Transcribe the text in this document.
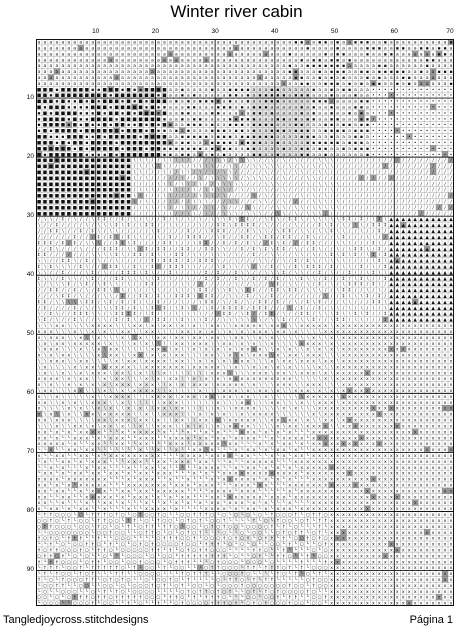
Winter river cabin
10	20	30	40	50	60	70
10
20
30
40
50
60
70
80
90
a a a a a a a a a a a a a a a a a a a a a a a a a a a a a a a a a a a a a a a a a a a ▪ ▪ a a ▪ ▪ a ▪ a a ▪ ▪ ▪ a a ▪ a a a a a a a a a a ▪
a a a a a a a a a a a a a a a a a a a a a a a a a a a a a a a a a a a a a a a a a a a a a ▪ a a a a ▪ a a a a ▪ ▪ ▪ a a ▪ ▪ a a ▪ ▪ a ▪ ▪ a
a a a a a a a a a a a a a a a a a a a a a a a a a a a a a a a a a a a a a a a a a a ▪ a a a a a ▪ a ▪ ▪ a a a ▪ a a ▪ ▪ a a a a a a a ▪ ▪ a
a a a a a a a a a a a a a a a a a a a a a a a a a a a a a a a a a a a a a a a a a a a a ▪ a ▪ ▪ a ▪ ▪ a ▪ a a a a a a a a a a a a ▪ ▪ a a a
a a a a a a a a a a a a a a a a a a a a a a a a a a a a a a a a a a a a a a a a a a ▪ a a ▪ ▪ ▪ ▪ ▪ ▪ ▪ a a a a a ▪ ▪ a a a a a a ▪ a a a a
a a a a a a a a a a a a a a a a a a a a a a a a a a a a a a a a a a a a a a a a a a ▪ ▪ a a a ▪ a ▪ ▪ ▪ a a ▪ ▪ a ▪ ▪ ▪ ▪ ▪ a a ▪ a a ▪ ▪ ▪
a a a a a a a a a a a a a a a a a a a a a a a a a a a a a a a a a a a a a a a a a a a ▪ ▪ a a ▪ a ▪ a ▪ a a a ▪ a ▪ a a a ▪ ▪ a a a a a a a
a a a a a a a a a a a a a a a a a a a a a a a a a a a a a a a a a a a a a a a a a a a a ▪ ▪ a a ▪ ▪ ▪ a ▪ a ▪ a ▪ ▪ a a ▪ a ▪ a a a a a a ▪
■ ■ ■ ▪ ■ ■ ■ ■ ■ ▪ ▪ ■ ■ ■ ▪ ■ ▪ ▪ ■ ■ ■ ■ a a ▪ a a a a ▪ a a ▪ ▪ ▪ ▪ a a a ▪ ▪ a a a a a ▪ a a ▪ a ▪ ▪ a a a • • • • • • • • • • • • • •
■ ■ ▪ ■ ■ ■ ■ ■ ■ ■ ■ ■ ▪ ■ ■ ■ ■ ■ ■ ■ ▪ ■ a a ▪ a ▪ a a a a a ▪ ▪ a ▪ a ▪ ▪ ▪ ▪ ▪ a ▪ ▪ ▪ a a a ▪ a a a ▪ a a • • • • • • • • • • • • • •
■ ■ ■ ▪ ■ ▪ ▪ ■ ▪ ■ ▪ ■ ■ ■ ▪ ■ ▪ ■ ▪ ■ ■ ■ a ▪ a ▪ a ▪ ▪ ▪ ▪ a ▪ a a ▪ a a ▪ ▪ ▪ a a a a a ▪ ▪ ▪ a a a a a ▪ ▪ • • • • • • • • • • • • • •
■ ▪ ■ ■ ■ ▪ ▪ ▪ ▪ ■ ■ ■ ▪ ■ ■ ■ ■ ■ ▪ ■ ▪ ▪ a a a ▪ ▪ a a a ▪ ▪ ▪ a ▪ a ▪ ▪ ▪ a a a a a ▪ a ▪ a a ▪ a a a ▪ ▪ a • • • • • • • • • • • • • •
▪ ■ ▪ ■ ■ ■ ■ ▪ ▪ ▪ ■ ▪ ■ ■ ▪ ■ ▪ ■ ■ ■ ▪ ■ a a ▪ ▪ a a a ▪ ▪ a a a a a ▪ ▪ a ▪ a a a a ▪ a ▪ a a ▪ a a ▪ a ▪ a • • • • • • • • • • • • • •
▪ ■ ■ ■ ■ ▪ ■ ▪ ▪ ■ ■ ■ ■ ▪ ■ ■ ■ ■ ■ ■ ■ ▪ a a ▪ a ▪ ▪ a a a a ▪ ▪ ▪ ▪ ▪ a a a ▪ ▪ a ▪ a ▪ ▪ a a ▪ ▪ a a a ▪ ▪ • • • • • • • • • • • • • •
▪ ■ ■ ■ ■ ▪ ■ ▪ ■ ▪ ▪ ■ ▪ ■ ■ ▪ ▪ ■ ▪ ■ ▪ ■ ▪ a a ▪ ▪ ▪ a ▪ a a ▪ ▪ ▪ a ▪ ▪ ▪ ▪ a a a ▪ ▪ a a a ▪ ▪ a ▪ ▪ a ▪ ▪ • • • • • • • • • • • • • •
▪ ■ ▪ ■ ■ ■ ■ ▪ ■ ■ ■ ■ ■ ■ ▪ ■ ■ ■ ▪ ■ ▪ ▪ a ▪ a ▪ a a a ▪ ▪ ▪ a ▪ ▪ a ▪ a a ▪ ▪ ▪ a ▪ ▪ ▪ a a ▪ ▪ ▪ ▪ a ▪ ▪ ▪ • • • • • • • • • • • • • •
■ ■ ▪ ▪ ▪ ■ ■ ■ ▪ ▪ ■ ▪ ■ ■ ■ ■ ■ ▪ ■ ■ ■ ■ a a ▪ ▪ ▪ ▪ ▪ a ▪ ▪ ▪ a ▪ ▪ ▪ ▪ ▪ ▪ a a a a ▪ ▪ ▪ a a ▪ a a a ▪ ▪ a • • • • • • • • • • • • • •
■ ■ ■ ▪ ■ ▪ ■ ■ ▪ ■ ■ ■ ■ ▪ ■ ■ ■ ■ ■ ■ ■ ■ ▪ a ▪ ▪ a a a ▪ ▪ ▪ ▪ a ▪ ▪ ▪ ▪ a a ▪ a a a a ▪ ▪ ▪ ▪ ▪ ▪ a ▪ ▪ ▪ a • • • • • • • • • • • • • •
■ ■ ■ ■ ■ ■ ▪ ■ ▪ ■ ■ ■ ■ ■ ▪ ■ ■ ■ ▪ ■ ■ ▪ ▪ ▪ ▪ ▪ ▪ ▪ a ▪ ▪ ▪ ▪ a a ▪ ▪ a a a a ▪ a a ▪ ▪ a ▪ ▪ a a ▪ a ▪ ▪ ▪ • • • • • • • • • • • • • •
■ ▪ ■ ■ ■ ■ ■ ■ ▪ ▪ ▪ ▪ ■ ▪ ■ ■ ■ ■ ■ ■ ■ ▪ ▪ a ▪ ▪ a ▪ a ▪ a ▪ a a a a ▪ ▪ a a ▪ a a a ▪ ▪ a a ▪ a a a a a a ▪ • • • • • • • • • • • • • •
■ ■ ■ ■ ■ ■ ■ ■ ■ ■ ■ ■ ■ ■ ■ ■ ∖ ∖ ∖ ∕ ∕ ∖ ∖ ∖ ∖ ∕ ∕ ∕ ∕ ∖ ∖ ∖ ∕ ∖ ∖ ∖ ∖ ∕ ∕ ∖ ∕ ∖ ∕ ∖ ∕ ∕ ∕ ∖ ∖ ∖ ∕ ∕ ∕ ∕ ∕ ∕ ∕ ∕ ∕ ∕ ∕ ∕ ∕ ∕ ∕ ∕ ∕ ∕ ∕ ∕
■ ■ ■ ■ ■ ■ ■ ■ ■ ■ ■ ■ ■ ■ ■ ■ ∕ ∖ ∕ ∖ ∖ ∖ ∕ ∕ ∖ ∕ ∖ ∖ ∖ ∖ ∕ ∕ ∖ ∖ ∕ ∕ ∖ ∖ ∖ ∖ ∖ ∕ ∖ ∕ ∖ ∕ ∖ ∕ ∖ ∖ ∕ ∕ ∕ ∕ ∕ ∕ ∕ ∕ ∕ ∕ ∕ ∕ ∕ ∕ ∕ ∕ ∕ ∕ ∕ ∕
■ ■ ■ ■ ■ ■ ■ ■ ■ ■ ■ ■ ■ ■ ■ ■ ∖ ∖ ∕ ∕ ∕ ∖ ∕ ∕ ∖ ∖ ∕ ∖ ∕ ∖ ∕ ∖ ∖ ∕ ∕ ∕ ∕ ∕ ∖ ∕ ∕ ∖ ∕ ∖ ∖ ∕ ∕ ∖ ∖ ∕ ∕ ∕ ∕ ∕ ∕ ∕ ∕ ∕ ∕ ∕ ∕ ∕ ∕ ∕ ∕ ∕ ∕ ∕ ∕ ∕
■ ■ ■ ■ ■ ■ ■ ■ ■ ■ ■ ■ ■ ■ ■ ■ ∖ ∕ ∖ ∕ ∕ ∕ ∕ ∕ ∖ ∕ ∕ ∖ ∕ ∖ ∖ ∖ ∖ ∖ ∕ ∖ ∖ ∖ ∖ ∕ ∕ ∖ ∕ ∕ ∕ ∖ ∖ ∕ ∕ ∕ ∕ ∕ ∕ ∕ ∕ ∕ ∕ ∕ ∕ ∕ ∕ ∕ ∕ ∕ ∕ ∕ ∕ ∕ ∕ ∕
■ ■ ■ ■ ■ ■ ■ ■ ■ ■ ■ ■ ■ ■ ■ ■ ∕ ∕ ∕ ∕ ∖ ∖ ∖ ∕ ∖ ∖ ∕ ∖ ∕ ∕ ∖ ∖ ∖ ∖ ∖ ∕ ∕ ∕ ∖ ∖ ∖ ∕ ∕ ∕ ∕ ∖ ∕ ∖ ∖ ∖ ∖ ∕ ∕ ∕ ∕ ∕ ∕ ∕ ∕ ∕ ∕ ∕ ∕ ∕ ∕ ∕ ∕ ∕ ∕ ∕
■ ■ ■ ■ ■ ■ ■ ■ ■ ■ ■ ■ ■ ■ ■ ■ ∕ ∖ ∖ ∖ ∕ ∕ ∖ ∖ ∖ ∕ ∖ ∕ ∖ ∖ ∖ ∖ ∕ ∕ ∖ ∕ ∖ ∕ ∖ ∕ ∕ ∖ ∕ ∕ ∕ ∕ ∖ ∕ ∕ ∖ ∕ ∕ ∕ ∕ ∕ ∕ ∕ ∕ ∕ ∕ ∕ ∕ ∕ ∕ ∕ ∕ ∕ ∕ ∕ ∕
■ ■ ■ ■ ■ ■ ■ ■ ■ ■ ■ ■ ■ ■ ■ ■ ∖ ∖ ∕ ∕ ∕ ∖ ∖ ∕ ∕ ∕ ∕ ∖ ∖ ∖ ∕ ∖ ∕ ∕ ∕ ∕ ∖ ∕ ∖ ∕ ∕ ∖ ∕ ∕ ∖ ∕ ∖ ∕ ∖ ∕ ∕ ∕ ∕ ∕ ∕ ∕ ∕ ∕ ∕ ∕ ∕ ∕ ∕ ∕ ∕ ∕ ∕ ∕ ∕ ∕
■ ■ ■ ■ ■ ■ ■ ■ ■ ■ ■ ■ ■ ■ ■ ■ ∖ ∕ ∖ ∖ ∕ ∕ ∕ ∕ ∕ ∕ ∖ ∖ ∖ ∕ ∕ ∕ ∖ ∖ ∕ ∕ ∕ ∖ ∖ ∕ ∕ ∖ ∕ ∕ ∕ ∕ ∖ ∖ ∖ ∕ ∖ ∕ ∕ ∕ ∕ ∕ ∕ ∕ ∕ ∕ ∕ ∕ ∕ ∕ ∕ ∕ ∕ ∕ ∕ ∕
■ ■ ■ ■ ■ ■ ■ ■ ■ ■ ■ ■ ■ ■ ■ ■ ∕ ∕ ∖ ∖ ∕ ∖ ∕ ∕ ∖ ∖ ∕ ∕ ∖ ∖ ∕ ∖ ∕ ∕ ∕ ∖ ∖ ∕ ∕ ∕ ∖ ∖ ∕ ∖ ∖ ∕ ∖ ∖ ∖ ∖ ∖ ∕ ∕ ∕ ∕ ∕ ∕ ∕ ∕ ∕ ∕ ∕ ∕ ∕ ∕ ∕ ∕ ∕ ∕ ∕
■ ■ ■ ■ ■ ■ ■ ■ ■ ■ ■ ■ ■ ■ ■ ■ ∕ ∕ ∕ ∕ ∖ ∕ ∖ ∕ ∕ ∖ ∖ ∕ ∖ ∕ ∕ ∖ ∖ ∖ ∕ ∖ ∖ ∖ ∕ ∕ ∖ ∖ ∕ ∖ ∕ ∖ ∖ ∖ ∕ ∕ ∕ ∕ ∕ ∕ ∕ ∕ ∕ ∕ ∕ ∕ ∕ ∕ ∕ ∕ ∕ ∕ ∕ ∕ ∕ ∕
∕ ∖ ∖ ∕ ↕ ∕ ∖ ∕ ∕ ∖ ↕ ↕ ∕ ∕ ↕ ∕ ∖ ∕ ∖ ∕ ∕ ↕ ∕ ∖ ∕ ∖ ∕ ∖ ∕ ∖ ∖ ∖ ↕ ∖ ↕ ↕ ∕ ∕ ∖ ↕ ∖ ∕ ↕ ↕ ∖ ∕ ∖ ∖ ∖ ∖ ∖ ↕ ↕ ∕ ↕ ∕ ∖ ↕ ∖ ▲ ▲ ▲ ▲ ▲ ▲ ▲ ▲ ▲ ▲ ▲
∖ ∕ ∕ ↕ ∕ ∕ ∕ ∕ ∖ ∕ ∖ ∖ ∖ ↕ ∖ ↕ ∕ ∖ ↕ ↕ ∕ ∕ ∖ ∖ ∕ ∕ ∕ ∖ ∕ ∕ ↕ ↕ ∖ ↕ ↕ ↕ ↕ ∕ ∖ ∕ ∕ ∕ ∕ ∖ ∕ ∕ ∕ ↕ ∖ ↕ ∕ ∖ ∕ ∖ ∖ ∕ ↕ ↕ ↕ ▲ ▲ ▲ ▲ ▲ ▲ ▲ ▲ ▲ ▲ ▲
∕ ∕ ↕ ↕ ∖ ∕ ∕ ↕ ∕ ↕ ∖ ∕ ∖ ∖ ∕ ∕ ∕ ∕ ∕ ∖ ↕ ∕ ∕ ∕ ∕ ↕ ∕ ∕ ∖ ↕ ↕ ↕ ∕ ∕ ∕ ↕ ∖ ∖ ∖ ∕ ∖ ↕ ↕ ∕ ∖ ∖ ∕ ∖ ∖ ↕ ∖ ∖ ∕ ∕ ∖ ∕ ∕ ↕ ∕ ▲ ▲ ▲ ▲ ▲ ▲ ▲ ▲ ▲ ▲ ▲
∕ ∕ ∕ ∕ ∕ ∕ ↕ ∕ ∕ ∕ ↕ ∕ ↕ ∖ ∕ ↕ ∖ ∖ ∕ ∕ ∖ ∕ ↕ ∕ ∕ ↕ ↕ ↕ ∕ ∕ ∖ ↕ ∕ ∕ ↕ ↕ ∕ ∖ ↕ ↕ ∕ ↕ ↕ ∕ ∕ ↕ ∖ ∕ ∕ ∕ ∖ ↕ ∕ ∕ ∕ ∖ ∖ ∕ ∕ ▲ ▲ ▲ ▲ ▲ ▲ ▲ ▲ ▲ ▲ ▲
↕ ↕ ↕ ∕ ↕ ∕ ↕ ∕ ∖ ∖ ∖ ∕ ∕ ↕ ↕ ∖ ↕ ∕ ∕ ∕ ∕ ↕ ↕ ∖ ∕ ∕ ∖ ↕ ↕ ∕ ∕ ↕ ∕ ↕ ∕ ↕ ∖ ∕ ∕ ↕ ∖ ↕ ∕ ∕ ∕ ↕ ↕ ∕ ∕ ∕ ∖ ∖ ∖ ∕ ∕ ∕ ↕ ∖ ∕ ▲ ▲ ▲ ▲ ▲ ▲ ▲ ▲ ▲ ▲ ▲
∕ ∕ ↕ ∖ ∕ ∕ ∕ ∖ ∕ ∕ ∕ ↕ ↕ ↕ ∕ ∖ ∖ ∕ ↕ ∕ ↕ ↕ ∕ ∕ ↕ ↕ ∕ ∕ ↕ ↕ ∖ ∖ ∕ ∕ ↕ ∕ ↕ ∖ ↕ ∖ ↕ ↕ ∕ ∖ ∕ ∕ ↕ ∖ ∕ ∕ ∖ ∕ ∖ ↕ ↕ ∖ ∕ ↕ ∕ ▲ ▲ ▲ ▲ ▲ ▲ ▲ ▲ ▲ ▲ ▲
↕ ↕ ∕ ∕ ∕ ∕ ∕ ∕ ∕ ∖ ∖ ∖ ∖ ↕ ∖ ∕ ↕ ↕ ∕ ↕ ∖ ∖ ∕ ↕ ↕ ∕ ∖ ∖ ∕ ∖ ∖ ∖ ∕ ∖ ∕ ∕ ↕ ∕ ∕ ∖ ∖ ∕ ∕ ∖ ∖ ∕ ∖ ∕ ∖ ↕ ∖ ↕ ∖ ↕ ∕ ∖ ↕ ∕ ↕ ▲ ▲ ▲ ▲ ▲ ▲ ▲ ▲ ▲ ▲ ▲
∖ ∖ ∕ ∕ ↕ ↕ ∖ ∕ ↕ ∕ ∖ ∕ ∕ ∖ ∕ ∕ ∕ ∕ ∕ ↕ ∕ ↕ ↕ ↕ ∕ ↕ ∕ ↕ ↕ ↕ ∖ ∕ ∕ ∖ ∕ ∕ ∕ ∖ ∖ ∕ ∕ ∖ ∕ ↕ ∕ ↕ ∖ ∕ ∖ ∖ ∖ ∖ ∕ ∕ ∕ ∕ ∖ ↕ ∖ ▲ ▲ ▲ ▲ ▲ ▲ ▲ ▲ ▲ ▲ ▲
↕ ∖ ↕ ∖ ∖ ∖ ∕ ↕ ∖ ∕ ∕ ∕ ↕ ↕ ∖ ∕ ↕ ∖ ∕ ↕ ∕ ∕ ↕ ↕ ↕ ∖ ∖ ∕ ∕ ∕ ∖ ↕ ∖ ∖ ∕ ∖ ∕ ∖ ∕ ↕ ∕ ∖ ∕ ↕ ∖ ↕ ↕ ↕ ∕ ↕ ∕ ∖ ∖ ∕ ↕ ∕ ∖ ∕ ↕ ▲ ▲ ▲ ▲ ▲ ▲ ▲ ▲ ▲ ▲ ▲
∖ ∖ ∕ ∕ ↕ ∕ ∕ ∕ ∖ ↕ ∕ ∖ ∕ ∕ ↕ ↕ ↕ ∖ ↕ ∖ ∕ ∕ ↕ ∖ ∕ ∕ ∖ ∕ ↕ ∕ ↕ ∕ ∕ ↕ ∖ ∖ ∕ ∕ ∖ ∖ ∖ ↕ ∕ ∖ ∖ ∕ ∕ ↕ ∕ ∖ ∕ ∕ ↕ ∕ ∕ ∖ ↕ ∖ ∖ ▲ ▲ ▲ ▲ ▲ ▲ ▲ ▲ ▲ ▲ ▲
↕ ∖ ∖ ∕ ↕ ∖ ∖ ∕ ∖ ↕ ∕ ∕ ∕ ↕ ↕ ∖ ∖ ∖ ∖ ∖ ↕ ∕ ∖ ∕ ∕ ∖ ∕ ∕ ↕ ∕ ↕ ∕ ∕ ↕ ∖ ∕ ↕ ∕ ↕ ∕ ↕ ∕ ∖ ∖ ↕ ∖ ∖ ∕ ↕ ∕ ∕ ↕ ∕ ∖ ↕ ∖ ∕ ∕ ↕ ▲ ▲ ▲ ▲ ▲ ▲ ▲ ▲ ▲ ▲ ▲
∖ ∕ ∖ ∖ ∖ ↕ ∕ ∖ ↕ ∕ ∖ ↕ ∖ ∖ ∕ ∖ ∕ ∕ ↕ ↕ ∕ ∕ ∕ ∕ ∖ ∖ ∕ ∕ ∕ ∕ ∕ ∕ ∕ ∖ ∕ ∕ ∖ ∕ ∕ ∖ ↕ ∕ ∖ ∖ ∕ ∖ ∕ ↕ ∕ ∖ ∕ ∖ ↕ ↕ ↕ ∕ ↕ ∖ ∕ ▲ ▲ ▲ ▲ ▲ ▲ ▲ ▲ ▲ ▲ ▲
∕ ∕ ↕ ↕ ∕ ∕ ↕ ∕ ∖ ∕ ↕ ↕ ∖ ∖ ∖ ∕ ∖ ∕ ∕ ∖ ∖ ∕ ∕ ∖ ∖ ∕ ∖ ↕ ↕ ∕ ∖ ∖ ↕ ∖ ∖ ↕ ↕ ∕ ∕ ↕ ↕ ∖ ↕ ↕ ∕ ∖ ∖ ∖ ∕ ∕ ∖ ↕ ↕ ∕ ∕ ∖ ∕ ∖ ∕ ▲ ▲ ▲ ▲ ▲ ▲ ▲ ▲ ▲ ▲ ▲
∕ ∕ ∕ ∖ ↕ ↕ ∕ ∖ ∕ ∕ ∕ ∖ ∖ ∕ ↕ ∕ ∕ ↕ ↕ ∕ ↕ ∖ ∕ ↕ ↕ ↕ ∖ ↕ ↕ ↕ ∕ ∕ ∖ ∖ ∕ ↕ ∕ ∖ ∕ ↕ ∕ ∕ ∕ ∕ ∕ ∕ ∕ ∕ ∖ ∕ ∕ ↕ ∖ ∖ ∖ ↕ ∕ ↕ ∕ ▲ ▲ ▲ ▲ ▲ ▲ ▲ ▲ ▲ ▲ ▲
↕ ↕ ∕ ∖ ∖ ∖ ∖ ∖ ↕ ↕ ∕ ∖ ↕ ∕ ↕ ∕ ↕ ∕ ∖ ∕ ↕ ∕ ∕ ∕ ∖ ∕ ∕ ∖ ↕ ↕ ∕ ∖ ∕ ↕ ∕ ∖ ∕ ↕ ↕ ∕ ↕ ∕ ∕ ∖ ∕ ↕ ∖ ↕ ∕ ∕ ∕ ∖ ∖ ∕ ∕ ∕ ↕ ↕ ∖ ▲ ▲ ▲ ▲ ▲ ▲ ▲ ▲ ▲ ▲ ▲
∕ ↕ ∕ ∕ ∕ ∕ ↕ ∕ ∖ ∕ ∖ ∖ ∖ ↕ ↕ ∕ ↕ ∖ ∖ ↕ ∖ ↕ ∕ ∖ ↕ ∖ ∖ ∕ ∖ ↕ ∕ ↕ ↕ ↕ ↕ ∕ ↕ ↕ ↕ ∕ ∕ ∕ ∖ ∕ ↕ ∕ ∕ ↕ ∕ ∖ ∖ ∕ ∖ ∕ ∖ ∕ ∖ ∕ ∖ ▲ ▲ ▲ ▲ ▲ ▲ ▲ ▲ ▲ ▲ ▲
∖ ∕ ↕ ∖ ∕ ∕ ↕ ↕ ↕ ∖ ∖ ∕ ∖ ↕ ↕ ↕ ↕ ∕ ∖ ↕ ∕ ∖ ∕ ∖ ∖ ∖ ∖ ∖ ∕ ∕ ∕ ↕ ↕ ∕ ∖ ↕ ∕ ∕ ↕ ↕ ∕ ∖ ∕ ∕ ↕ ↕ ∕ ∖ ∖ ∖ ↕ ∖ ∖ ↕ ∖ ↕ ∕ ∕ ↕ ▲ ▲ ▲ ▲ ▲ ▲ ▲ ▲ ▲ ▲ ▲
∖ ↕ ∕ ∖ ∕ ∕ ↕ ∖ ∕ ∕ ∖ ∖ ∕ ↕ ∕ ↕ ∖ ∕ ∕ ∕ ↕ ↕ ∕ ∖ ↕ ∖ ∖ ∖ ↕ ∕ ∕ ∖ ∖ ∖ ∖ ∖ ∖ ∖ ∕ ∖ ∖ ↕ ∕ ∕ ∖ ∖ ↕ ∕ ∕ ∖ ↕ ↕ ∕ ∖ ∖ ∕ ∕ ∕ ↕ ▲ ▲ ▲ ▲ ▲ ▲ ▲ ▲ ▲ ▲ ▲
∖ ∖ ∖ x x ∖ ∖ ∖ ∖ x x x x ∖ ∖ ∖ x x ∖ x ∖ x x ∖ x ∖ x ∖ ∖ x x ∖ ∖ x x x x x ∖ x x x ∖ ∖ x x x x x ∖ x x x x x x x x x x x x x x x x x x x x
x x x ∖ ∖ ∖ x ∖ ∖ x ∖ x ∖ ∖ x x ∖ ∖ x x ∖ ∖ ∖ ∖ x x ∖ x ∖ x ∖ ∖ x ∖ x ∖ x x x ∖ x x ∖ x ∖ ∖ ∖ ∖ x x x x x x x x x x x x x x x x x x x x x x
x ∖ x x x ∖ ∖ x ∖ ∖ x ∖ ∖ ∖ x ∖ ∖ x ∖ ∖ x x ∖ x x ∖ x x ∖ x x ∖ ∖ x x ∖ ∖ x ∖ x ∖ ∖ ∖ ∖ ∖ ∖ x ∖ ∖ x ∖ x x x x x x x x x x x x x x x x x x x
∖ x ∖ x x ∖ x x x x x ∖ x ∖ ∖ ∖ x ∖ x ∖ ∖ ∖ ∖ x x ∖ x x x ∖ ∖ x x ∖ x ∖ x ∖ ∖ x ∖ ∖ ∖ ∖ x x x x ∖ x ∖ x x x x x x x x x x x x x x x x x x x
∖ x x x ∖ ∖ ∖ x ∖ ∖ x ∖ x x ∖ ∖ ∖ ∖ ∖ x x x ∖ x ∖ ∖ x ∖ x ∖ x ∖ x ∖ x x x x ∖ ∖ x ∖ x ∖ ∖ x ∖ x ∖ x ∖ x x x x x x x x x x x x x x x x x x x
x ∖ x ∖ x x ∖ ∖ ∖ ∖ x ∖ x x ∖ ∖ x x ∖ x ∖ x ∖ x x ∖ ∖ ∖ x x ∖ ∖ x ∖ x ∖ x x x ∖ x ∖ x x ∖ x x x ∖ ∖ ∖ x x x x x x x x x x x x x x x x x x x
∖ ∖ x x x ∖ ∖ x x ∖ ∖ ∖ ∖ x ∖ x x ∖ x x x x ∖ x x ∖ ∖ x ∖ x ∖ x ∖ x x x ∖ ∖ ∖ x ∖ x x ∖ x x x ∖ x x ∖ x x x x x x x x x x x x x x x x x x x
∖ x ∖ ∖ ∖ ∖ x ∖ x x ∖ x x x x x ∖ ∖ x x x x x x x ∖ x x x x x ∖ ∖ x ∖ ∖ x ∖ x ∖ x ∖ x ∖ ∖ ∖ ∖ x ∖ ∖ x x x x x x x x x x x x x x x x x x x x
∖ x ∖ ∖ x ∖ ∖ x ∖ x x x ∖ x x ∖ ∖ x ∖ ∖ ∖ x ∖ ∖ ∖ ∖ ∖ ∖ ∖ x x x ∖ ∖ ∖ ∖ x x x ∖ x x ∖ ∖ x x x ∖ x ∖ x x x x x x x x x x x x x x x x x x x x
x x x x ∖ x ∖ x x ∖ ∖ x ∖ x x ∖ ∖ ∖ x ∖ x ∖ x x ∖ ∖ x ∖ x ∖ x ∖ x x x x x x x x x x x ∖ ∖ ∖ ∖ ∖ x ∖ x x x x x x x x x x x x x x x x x x x x
x ∖ x ∖ ∖ x ∖ x ∖ x ∖ x ∖ x x x ∖ x x x ∖ ∖ x ∖ x ∖ x x x ∖ x x x x x ∖ x ∖ ∖ ∖ x x x ∖ ∖ x x x ∖ ∖ ∖ x x x x x x x x x x x x x x x x x x x
∖ x x ∖ ∖ ∖ x x ∖ ∖ ∖ x ∖ ∖ x ∖ x x x x ∖ ∖ x ∖ ∖ ∖ ∖ x ∖ ∖ ∖ x x x ∖ x ∖ x x ∖ x ∖ ∖ x x x ∖ x ∖ x ∖ x x x x x x x x x x x x x x x x x x x
x ∖ ∖ x ∖ ∖ ∖ ∖ ∖ x ∖ ∖ x x x x ∖ ∖ ∖ x x x x ∖ x x x ∖ x x ∖ x x ∖ x x ∖ ∖ x ∖ ∖ ∖ ∖ ∖ ∖ x x x x x ∖ x x x x x x x x x x x x x x x x x x x
x x ∖ ∖ x ∖ x ∖ ∖ x x x ∖ ∖ x ∖ ∖ ∖ ∖ ∖ ∖ x x x ∖ ∖ ∖ ∖ ∖ ∖ x ∖ ∖ ∖ x x ∖ ∖ ∖ x x ∖ ∖ ∖ x ∖ ∖ x x x ∖ x x x x x x x x x x x x x x x x x x x
x ∖ ∖ ∖ ∖ x ∖ x ∖ ∖ x ∖ x ∖ ∖ x ∖ x ∖ ∖ x x ∖ x x ∖ ∖ ∖ ∖ ∖ x ∖ ∖ x x x x ∖ ∖ ∖ ∖ x ∖ x ∖ ∖ ∖ x x x x x x x x x x x x x x x x x x x x x x x
x ∖ x ∖ ∖ x ∖ ∖ x x ∖ x x x x x ∖ ∖ x ∖ ∖ x x x ∖ ∖ ∖ x ∖ x ∖ x ∖ ∖ x ∖ x x x x ∖ ∖ ∖ ∖ ∖ ∖ x ∖ x x x x x x x x x x x x x x x x x x x x x x
x x ∖ x x x ∖ ∖ ∖ ∖ x x ∖ x x x ∖ x x ∖ x ∖ ∖ x x ∖ ∖ x x ∖ x ∖ x x x x x ∖ ∖ x x ∖ x x ∖ x ∖ ∖ x x ∖ x x x x x x x x x x x x x x x x x x x
∖ ∖ ∖ x ∖ ∖ x x ∖ x ∖ x x ∖ x ∖ ∖ x ∖ ∖ x x x ∖ ∖ x ∖ x ∖ ∖ x ∖ x x x x ∖ ∖ ∖ ∖ x ∖ x x ∖ x x x x ∖ ∖ x x x x x x x x x x x x x x x x x x x
x x └ x └ x └ x x x x └ └ └ x └ x x x x └ x └ └ └ x └ └ x └ x └ └ └ x x x └ x └ x └ x └ └ └ x x x x x x x x x x x x x x x x x x x x x x x x
x x └ x └ └ x x x └ x └ x x x └ └ x x x └ └ x x x x └ x x └ x x └ x x x x └ └ x └ x x x x └ x x x x x x x x x x x x x x x x x x x x x x x x
x x x x x └ x └ └ x x └ └ x x └ └ x x └ └ └ x x x └ x x x x x └ x x └ └ └ x └ x └ x x └ x └ x x x x x x x x x x x x x x x x x x x x x x x x
└ └ x └ └ x x └ x x └ └ └ └ └ └ └ x └ └ x └ └ x └ └ x x └ x └ └ └ x └ x x └ x └ x x └ x └ └ x x x x x x x x x x x x x x x x x x x x x x x x
x └ └ x x └ └ x x └ x └ x x x x x x x x x └ └ └ x x x x └ x x x x └ x x └ └ └ x └ x └ x x └ x x x x x x x x x x x x x x x x x x x x x x x x
└ x └ └ x x └ x └ x x x └ └ └ x x x └ └ x x └ x x x └ x x └ └ └ x └ └ x x x x x └ └ └ x x x x x x x x x x x x x x x x x x x x x x x x x x x
└ └ x └ x └ └ └ x └ x x └ └ └ x └ └ x x └ x └ └ └ └ └ x x x x └ └ x └ x x └ x └ x └ x └ x x x x x x x x x x x x x x x x x x x x x x x x x x
└ x x └ x └ x x └ x x └ x x └ x └ x x └ x x x └ └ └ x └ x └ └ x x x x x x x x x x x x x └ x x x x x x x x x x x x x x x x x x x x x x x x x
x x x x └ x x x x x x x └ └ └ x └ x x x └ └ x └ └ x └ └ └ x └ x x x x x x └ x └ x └ x └ └ └ x x x x x x x x x x x x x x x x x x x x x x x x
x x └ x └ x └ x x x x x └ └ └ x x x x x x x └ x x x └ x x x └ └ └ x x x └ x x └ └ └ x x x x x x x x x x x x x x x x x x x x x x x x x x x x
x x └ x x └ └ x └ x x x └ └ x x └ x x └ x x x x x └ └ └ └ x x x x └ x x x └ └ └ └ └ x └ x x x x x x x x x x x x x x x x x x x x x x x x x x
x x └ └ x x └ └ x x x x x └ x └ x x x └ x └ x └ x x └ └ └ x x └ x x x x x x └ x x x └ x x x x x x x x x x x x x x x x x x x x x x x x x x x
x x └ └ x └ └ └ x └ └ x x └ x └ └ └ x └ └ x └ x └ x └ x └ x x └ x x x └ x └ x └ └ └ x └ └ └ x x x x x x x x x x x x x x x x x x x x x x x x
x └ x x └ x └ x x └ └ x └ └ └ x └ └ x x x x └ x └ └ └ └ x x x x └ x └ x x └ x └ x x x └ x x x x x x x x x x x x x x x x x x x x x x x x x x
└ † † ○ ○ ○ └ ○ └ † † † ○ † ○ └ ○ † ○ ○ † ○ └ └ ○ ○ † † † ○ └ ○ └ ○ └ ○ └ ○ └ † ○ ○ ○ † └ ○ † † ○ x x x x x x x x x x x x x x x x x x x x x
○ ○ † ○ └ † └ ○ ○ └ † † ○ ○ └ † † └ ○ └ † ○ ○ └ ○ † ○ † └ ○ ○ † └ └ └ └ † └ ○ └ † ○ ○ └ ○ † └ † † x x x x x x x x x x x x x x x x x x x x x
○ † † ○ ○ ○ └ ○ ○ └ † ○ └ ○ └ † └ ○ † † └ † † ○ └ ○ ○ └ ○ † ○ † ○ ○ └ ○ ○ ○ ○ † └ † └ ○ └ └ └ † └ x x x x x x x x x x x x x x x x x x x x x
└ └ ○ ○ ○ ○ ○ ○ ○ └ ○ ○ † ○ ○ └ └ ○ † † ○ └ ○ └ ○ † ○ † └ └ └ ○ └ └ ○ └ ○ ○ └ └ ○ † ○ † † └ ○ † └ x x x x x x x x x x x x x x x x x x x x x
† ○ † ○ └ † † † └ └ † └ └ ○ ○ ○ └ └ └ └ ○ † † † ○ ○ † └ ○ ○ ○ † ○ † ○ † └ ○ † † └ † └ ○ ○ † ○ † ○ x x x x x x x x x x x x x x x x x x x x x
└ └ † └ ○ └ ○ ○ † † ○ └ † └ ○ └ ○ † ○ † ○ ○ ○ ○ † ○ ○ └ † † † └ ○ └ ○ └ ○ └ └ ○ ○ └ † └ ○ └ └ ○ † x x x x x x x x x x x x x x x x x x x x x
† ○ † † ○ ○ ○ † ○ └ † † ○ └ ○ ○ ○ ○ ○ † † └ † └ ○ † ○ † † ○ ○ ○ └ └ └ └ † † ○ └ └ † └ └ └ └ ○ └ ○ x x x x x x x x x x x x x x x x x x x x x
○ † † ○ † └ ○ └ ○ └ └ ○ └ └ └ ○ ○ ○ └ ○ └ ○ ○ └ † † † † † † † † └ ○ └ └ ○ † └ └ † † ○ └ └ † └ ○ ○ x x x x x x x x x x x x x x x x x x x x x
† └ † † ○ ○ ○ └ ○ † † └ ○ ○ └ ○ ○ † ○ ○ ○ └ ○ † † † └ └ └ ○ † ○ ○ ○ └ ○ ○ ○ └ ○ └ └ └ └ † └ └ └ † x x x x x x x x x x x x x x x x x x x x x
└ † † † └ ○ ○ † └ † † † † † ○ └ † └ ○ ○ └ † └ ○ ○ └ └ └ ○ † † ○ ○ ○ └ † † └ † † † ○ † └ † └ ○ ○ ○ x x x x x x x x x x x x x x x x x x x x x
└ † └ † ○ ○ └ † ○ † └ └ └ † † └ └ ○ ○ ○ ○ └ └ └ † ○ † † † └ └ ○ ○ ○ † ○ └ └ └ └ † ○ └ † └ ○ └ † └ x x x x x x x x x x x x x x x x x x x x x
† └ ○ └ † ○ ○ ○ † † └ ○ † ○ † ○ └ └ ○ └ ○ ○ † ○ └ † └ └ └ └ ○ └ † † ○ └ † └ † † └ └ └ └ └ ○ † ○ ○ x x x x x x x x x x x x x x x x x x x x x
└ ○ ○ † † └ └ ○ ○ └ └ ○ ○ └ ○ └ ○ ○ ○ † ○ † └ ○ † └ ○ ○ └ ○ └ ○ ○ ○ † ○ ○ ○ ○ ○ ○ ○ † ○ ○ └ † ○ ○ x x x x x x x x x x x x x x x x x x x x x
└ ○ └ └ ○ ○ ○ └ └ ○ └ † └ † ○ └ ○ ○ ○ ○ └ └ └ └ ○ † ○ † † ○ † ○ † └ └ ○ † └ † ○ † ○ ○ ○ ○ † ○ └ └ x x x x x x x x x x x x x x x x x x x x x
○ ○ └ ○ └ ○ † † † ○ † † ○ † † † † † ○ ○ ○ └ † † ○ └ † └ † † † ○ └ └ └ ○ ○ └ ○ ○ † └ † † └ └ ○ ○ † x x x x x x x x x x x x x x x x x x x x x
└ ○ ○ ○ └ └ ○ ○ ○ † └ ○ ○ └ └ † └ ○ └ └ † └ └ ○ † ○ ○ ○ ○ † † † ○ † └ ○ † ○ † ○ ○ ○ † ○ ○ └ ○ ○ └ x x x x x x x x x x x x x x x x x x x x x
Tangledjoycross.stitchdesigns	Página 1
